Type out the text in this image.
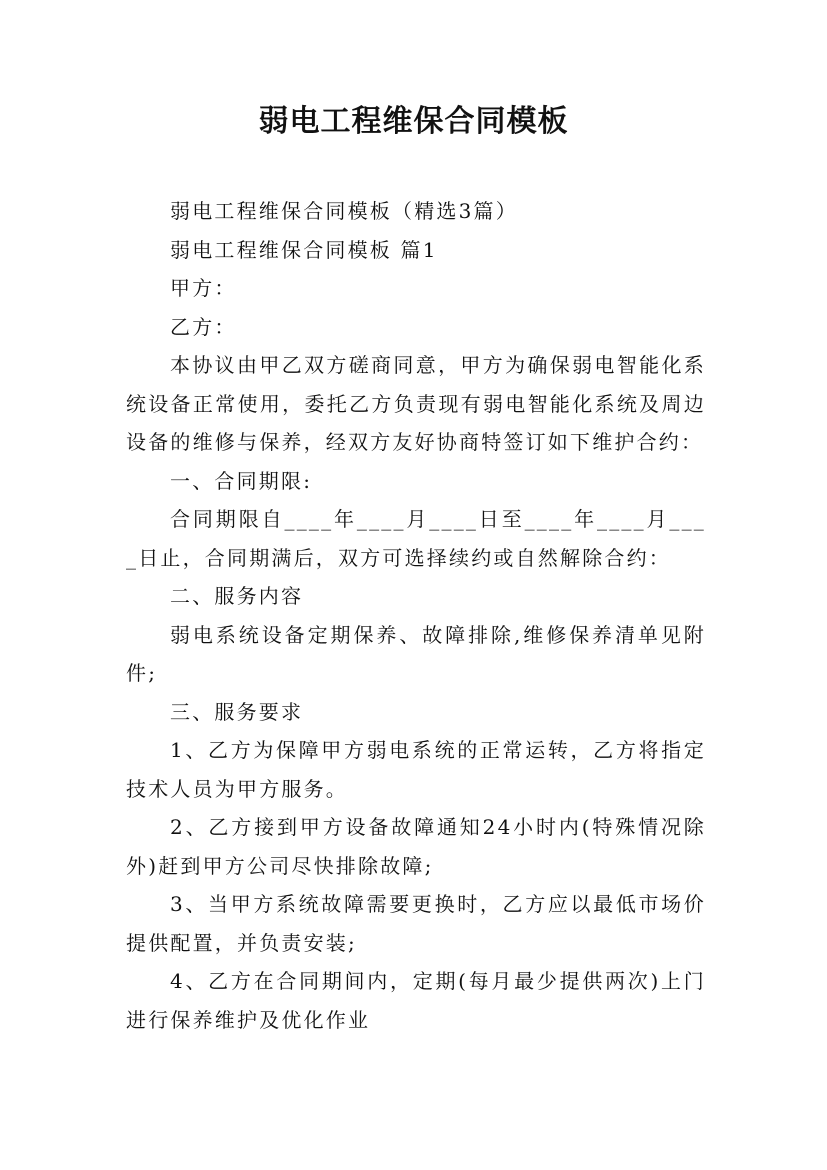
弱电工程维保合同模板

弱电工程维保合同模板（精选3篇）

弱电工程维保合同模板 篇1

甲方：

乙方：

本协议由甲乙双方磋商同意，甲方为确保弱电智能化系统设备正常使用，委托乙方负责现有弱电智能化系统及周边设备的维修与保养，经双方友好协商特签订如下维护合约：

一、合同期限:

合同期限自____年____月____日至____年____月____日止，合同期满后，双方可选择续约或自然解除合约：

二、服务内容

弱电系统设备定期保养、故障排除,维修保养清单见附件;

三、服务要求

1、乙方为保障甲方弱电系统的正常运转，乙方将指定技术人员为甲方服务。

2、乙方接到甲方设备故障通知24小时内(特殊情况除外)赶到甲方公司尽快排除故障;

3、当甲方系统故障需要更换时，乙方应以最低市场价提供配置，并负责安装;

4、乙方在合同期间内，定期(每月最少提供两次)上门进行保养维护及优化作业
